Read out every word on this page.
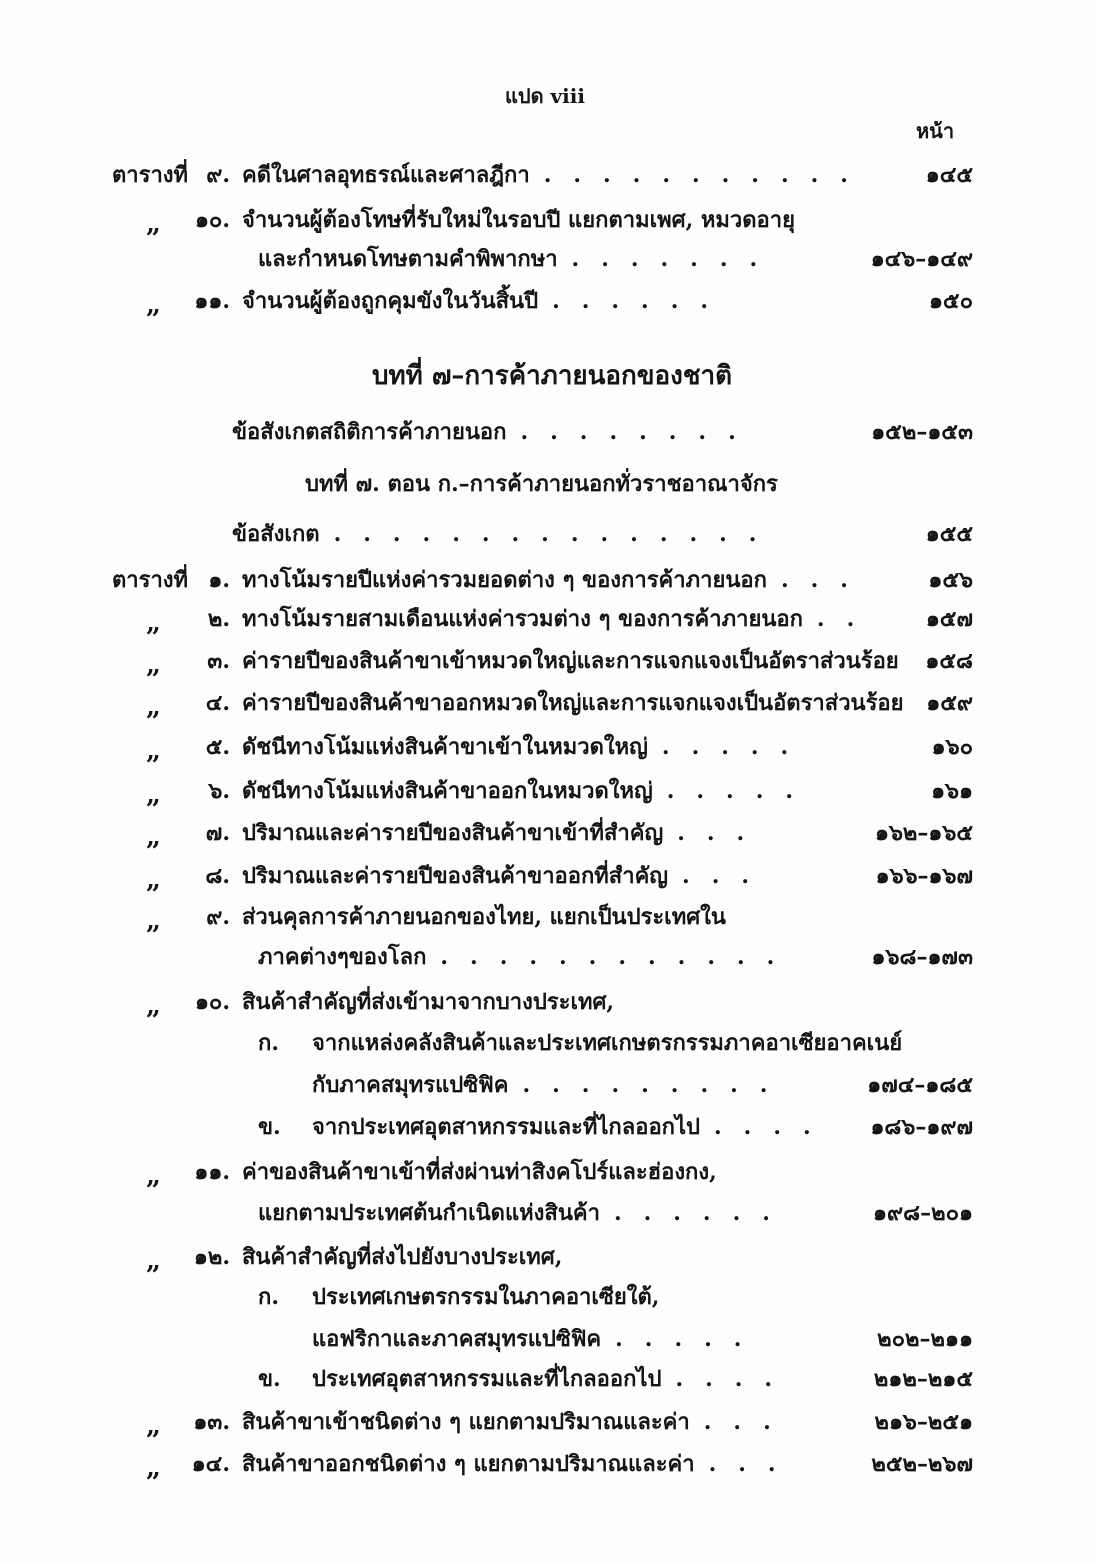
แปด viii
หน้า
บทที่ ๗–การค้าภายนอกของชาติ
บทที่ ๗. ตอน ก.–การค้าภายนอกทั่วราชอาณาจักร
ตารางที่ ๙. คดีในศาลอุทธรณ์และศาลฎีกา ...........	๑๔๕
„ ๑๐. จำนวนผู้ต้องโทษที่รับใหม่ในรอบปี แยกตามเพศ, หมวดอายุ
และกำหนดโทษตามคำพิพากษา .......	๑๔๖–๑๔๙
„ ๑๑. จำนวนผู้ต้องถูกคุมขังในวันสิ้นปี ......	๑๕๐
ข้อสังเกตสถิติการค้าภายนอก ........	๑๕๒–๑๕๓
ข้อสังเกต ...............	๑๕๕
ตารางที่ ๑. ทางโน้มรายปีแห่งค่ารวมยอดต่าง ๆ ของการค้าภายนอก ...	๑๕๖
„ ๒. ทางโน้มรายสามเดือนแห่งค่ารวมต่าง ๆ ของการค้าภายนอก .. ๑๕๗
„ ๓. ค่ารายปีของสินค้าขาเข้าหมวดใหญ่และการแจกแจงเป็นอัตราส่วนร้อย ๑๕๘
„ ๔. ค่ารายปีของสินค้าขาออกหมวดใหญ่และการแจกแจงเป็นอัตราส่วนร้อย ๑๕๙
„ ๕. ดัชนีทางโน้มแห่งสินค้าขาเข้าในหมวดใหญ่ .....	๑๖๐
„ ๖. ดัชนีทางโน้มแห่งสินค้าขาออกในหมวดใหญ่ .....	๑๖๑
„ ๗. ปริมาณและค่ารายปีของสินค้าขาเข้าที่สำคัญ ...	๑๖๒–๑๖๕
„ ๘. ปริมาณและค่ารายปีของสินค้าขาออกที่สำคัญ ...	๑๖๖–๑๖๗
„ ๙. ส่วนคุลการค้าภายนอกของไทย, แยกเป็นประเทศใน
ภาคต่างๆของโลก ............	๑๖๘–๑๗๓
„ ๑๐. สินค้าสำคัญที่ส่งเข้ามาจากบางประเทศ,
ก. จากแหล่งคลังสินค้าและประเทศเกษตรกรรมภาคอาเซียอาคเนย์
กับภาคสมุทรแปซิฟิค .........	๑๗๔–๑๘๕
ข. จากประเทศอุตสาหกรรมและที่ไกลออกไป .... ๑๘๖–๑๙๗
„ ๑๑. ค่าของสินค้าขาเข้าที่ส่งผ่านท่าสิงคโปร์และฮ่องกง,
แยกตามประเทศต้นกำเนิดแห่งสินค้า ......	๑๙๘–๒๐๑
„ ๑๒. สินค้าสำคัญที่ส่งไปยังบางประเทศ,
ก. ประเทศเกษตรกรรมในภาคอาเซียใต้,
แอฟริกาและภาคสมุทรแปซิฟิค .....	๒๐๒–๒๑๑
ข. ประเทศอุตสาหกรรมและที่ไกลออกไป ....	๒๑๒–๒๑๕
„ ๑๓. สินค้าขาเข้าชนิดต่าง ๆ แยกตามปริมาณและค่า ...	๒๑๖–๒๕๑
„ ๑๔. สินค้าขาออกชนิดต่าง ๆ แยกตามปริมาณและค่า ...	๒๕๒–๒๖๗
